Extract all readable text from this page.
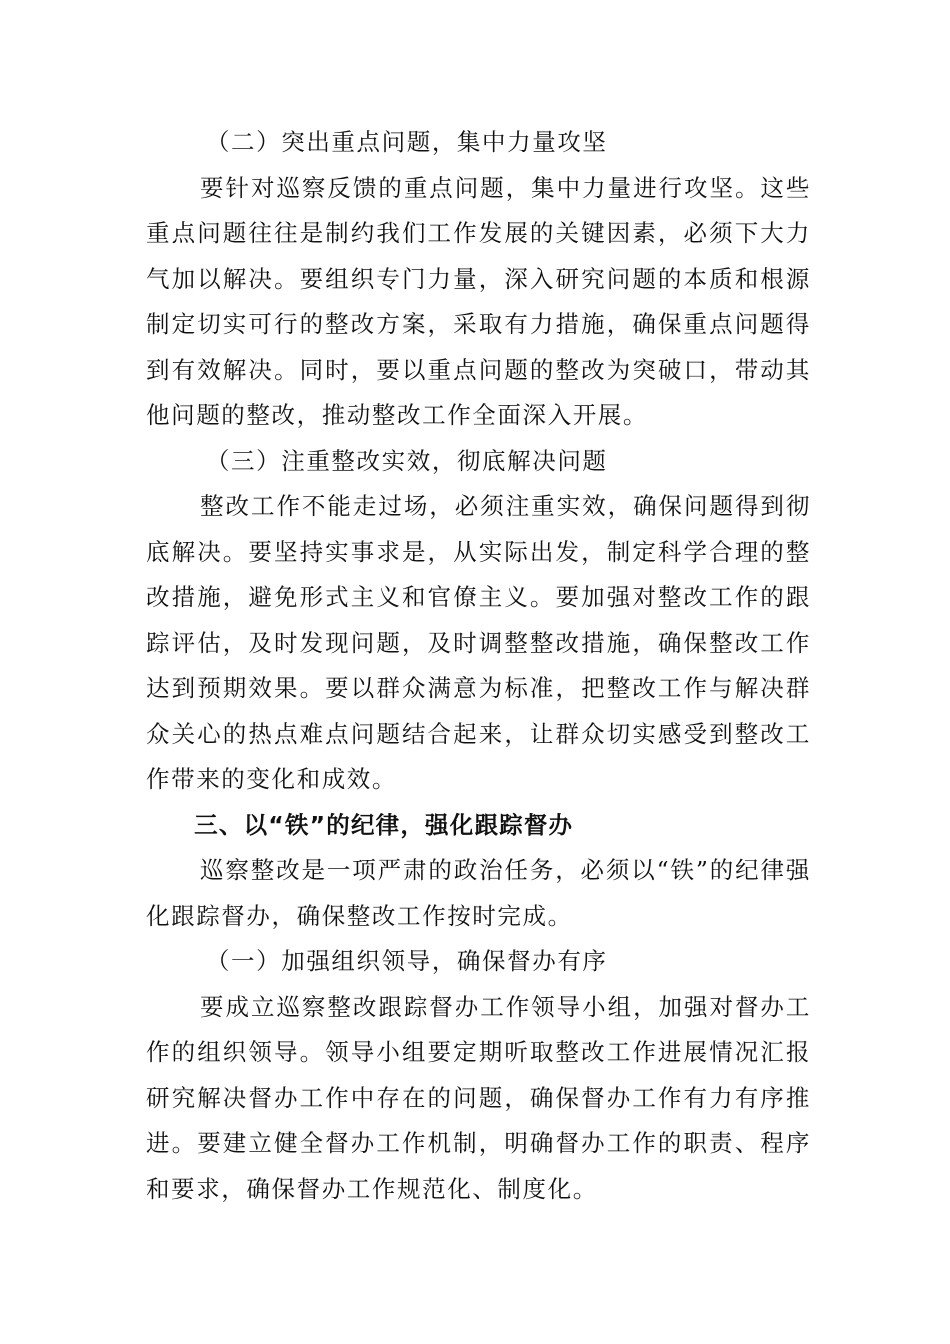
（二）突出重点问题，集中力量攻坚

要针对巡察反馈的重点问题，集中力量进行攻坚。这些重点问题往往是制约我们工作发展的关键因素，必须下大力气加以解决。要组织专门力量，深入研究问题的本质和根源制定切实可行的整改方案，采取有力措施，确保重点问题得到有效解决。同时，要以重点问题的整改为突破口，带动其他问题的整改，推动整改工作全面深入开展。

（三）注重整改实效，彻底解决问题

整改工作不能走过场，必须注重实效，确保问题得到彻底解决。要坚持实事求是，从实际出发，制定科学合理的整改措施，避免形式主义和官僚主义。要加强对整改工作的跟踪评估，及时发现问题，及时调整整改措施，确保整改工作达到预期效果。要以群众满意为标准，把整改工作与解决群众关心的热点难点问题结合起来，让群众切实感受到整改工作带来的变化和成效。

三、以“铁”的纪律，强化跟踪督办

巡察整改是一项严肃的政治任务，必须以“铁”的纪律强化跟踪督办，确保整改工作按时完成。

（一）加强组织领导，确保督办有序

要成立巡察整改跟踪督办工作领导小组，加强对督办工作的组织领导。领导小组要定期听取整改工作进展情况汇报研究解决督办工作中存在的问题，确保督办工作有力有序推进。要建立健全督办工作机制，明确督办工作的职责、程序和要求，确保督办工作规范化、制度化。
